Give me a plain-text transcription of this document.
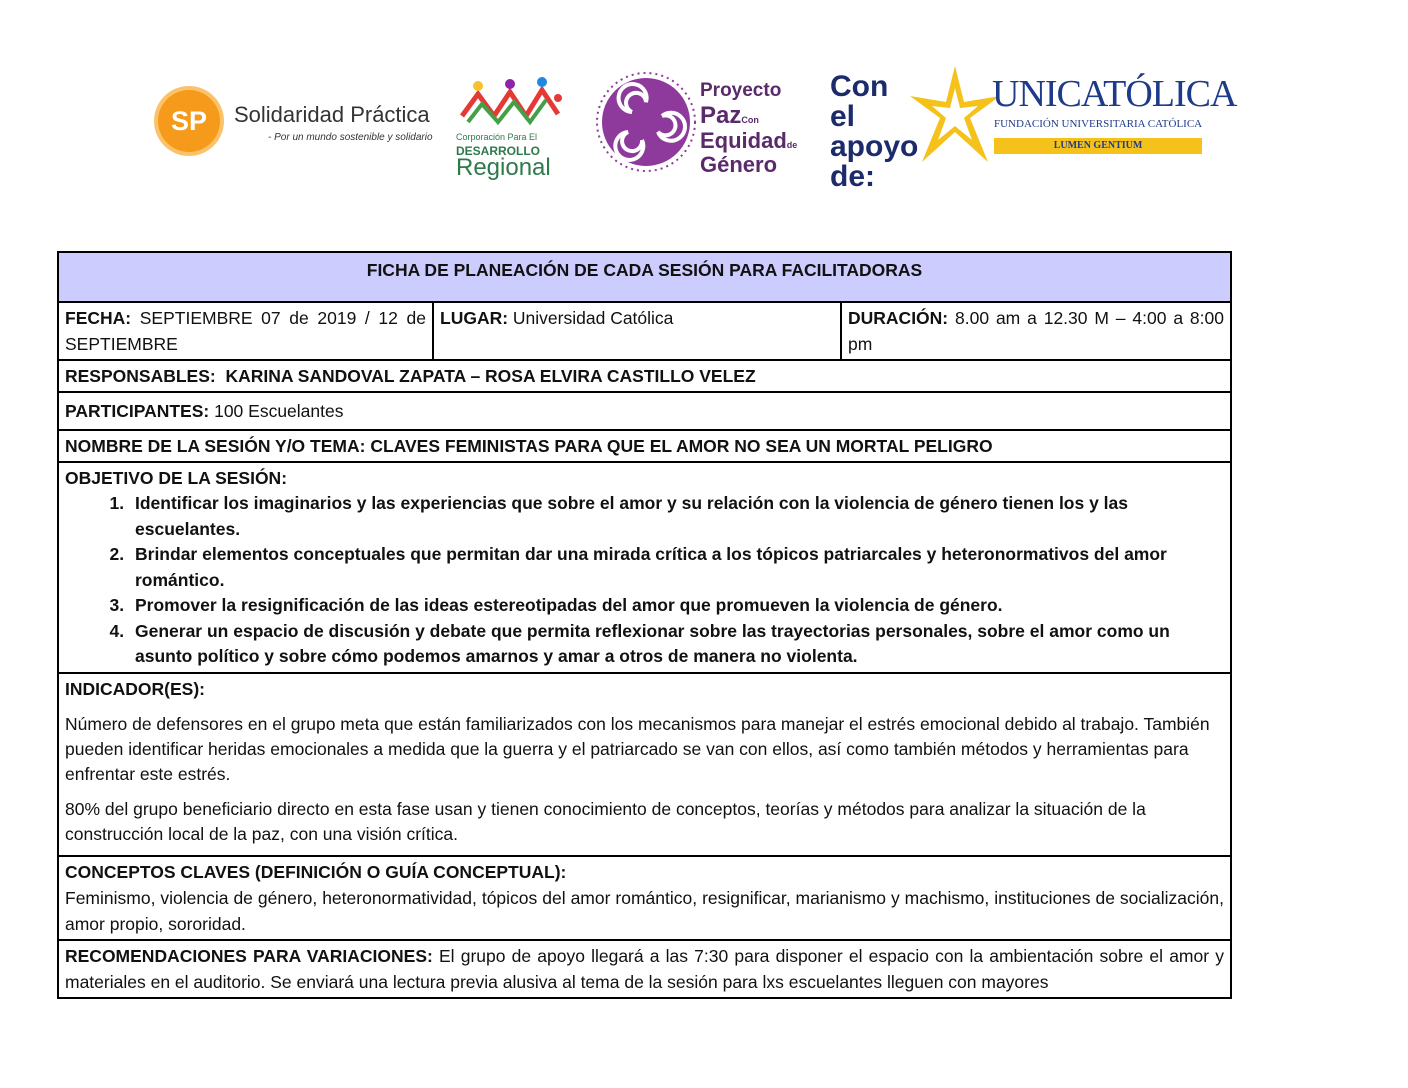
SP	Solidaridad Práctica
- Por un mundo sostenible y solidario	Corporación Para El
DESARROLLO
Regional
Proyecto
PazCon
Equidadde
Género
Con el apoyo de:
UNICATÓLICA
FUNDACIÓN UNIVERSITARIA CATÓLICA
LUMEN GENTIUM
FICHA DE PLANEACIÓN DE CADA SESIÓN PARA FACILITADORAS
FECHA: SEPTIEMBRE 07 de 2019 / 12 de SEPTIEMBRE	LUGAR: Universidad Católica	DURACIÓN: 8.00 am a 12.30 M – 4:00 a 8:00 pm
RESPONSABLES: KARINA SANDOVAL ZAPATA – ROSA ELVIRA CASTILLO VELEZ
PARTICIPANTES: 100 Escuelantes
NOMBRE DE LA SESIÓN Y/O TEMA: CLAVES FEMINISTAS PARA QUE EL AMOR NO SEA UN MORTAL PELIGRO

OBJETIVO DE LA SESIÓN:
1. Identificar los imaginarios y las experiencias que sobre el amor y su relación con la violencia de género tienen los y las escuelantes.
2. Brindar elementos conceptuales que permitan dar una mirada crítica a los tópicos patriarcales y heteronormativos del amor romántico.
3. Promover la resignificación de las ideas estereotipadas del amor que promueven la violencia de género.
4. Generar un espacio de discusión y debate que permita reflexionar sobre las trayectorias personales, sobre el amor como un asunto político y sobre cómo podemos amarnos y amar a otros de manera no violenta.

INDICADOR(ES):

Número de defensores en el grupo meta que están familiarizados con los mecanismos para manejar el estrés emocional debido al trabajo. También pueden identificar heridas emocionales a medida que la guerra y el patriarcado se van con ellos, así como también métodos y herramientas para enfrentar este estrés.

80% del grupo beneficiario directo en esta fase usan y tienen conocimiento de conceptos, teorías y métodos para analizar la situación de la construcción local de la paz, con una visión crítica.

CONCEPTOS CLAVES (DEFINICIÓN O GUÍA CONCEPTUAL):
Feminismo, violencia de género, heteronormatividad, tópicos del amor romántico, resignificar, marianismo y machismo, instituciones de socialización, amor propio, sororidad.

RECOMENDACIONES PARA VARIACIONES: El grupo de apoyo llegará a las 7:30 para disponer el espacio con la ambientación sobre el amor y materiales en el auditorio. Se enviará una lectura previa alusiva al tema de la sesión para lxs escuelantes lleguen con mayores
